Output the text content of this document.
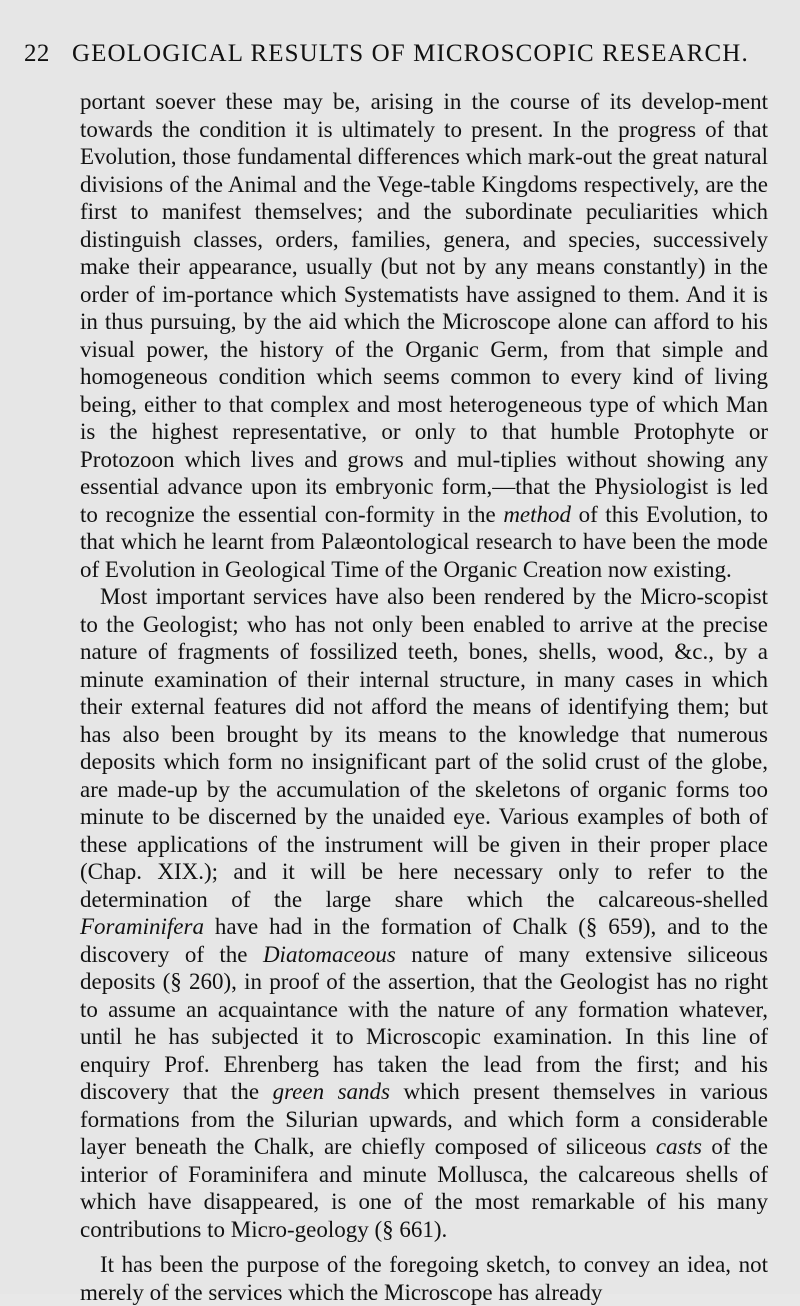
22 GEOLOGICAL RESULTS OF MICROSCOPIC RESEARCH.

portant soever these may be, arising in the course of its develop-ment towards the condition it is ultimately to present. In the progress of that Evolution, those fundamental differences which mark-out the great natural divisions of the Animal and the Vege-table Kingdoms respectively, are the first to manifest themselves; and the subordinate peculiarities which distinguish classes, orders, families, genera, and species, successively make their appearance, usually (but not by any means constantly) in the order of im-portance which Systematists have assigned to them. And it is in thus pursuing, by the aid which the Microscope alone can afford to his visual power, the history of the Organic Germ, from that simple and homogeneous condition which seems common to every kind of living being, either to that complex and most heterogeneous type of which Man is the highest representative, or only to that humble Protophyte or Protozoon which lives and grows and mul-tiplies without showing any essential advance upon its embryonic form,—that the Physiologist is led to recognize the essential con-formity in the method of this Evolution, to that which he learnt from Palæontological research to have been the mode of Evolution in Geological Time of the Organic Creation now existing.

Most important services have also been rendered by the Micro-scopist to the Geologist; who has not only been enabled to arrive at the precise nature of fragments of fossilized teeth, bones, shells, wood, &c., by a minute examination of their internal structure, in many cases in which their external features did not afford the means of identifying them; but has also been brought by its means to the knowledge that numerous deposits which form no insignificant part of the solid crust of the globe, are made-up by the accumulation of the skeletons of organic forms too minute to be discerned by the unaided eye. Various examples of both of these applications of the instrument will be given in their proper place (Chap. XIX.); and it will be here necessary only to refer to the determination of the large share which the calcareous-shelled Foraminifera have had in the formation of Chalk (§ 659), and to the discovery of the Diatomaceous nature of many extensive siliceous deposits (§ 260), in proof of the assertion, that the Geologist has no right to assume an acquaintance with the nature of any formation whatever, until he has subjected it to Microscopic examination. In this line of enquiry Prof. Ehrenberg has taken the lead from the first; and his discovery that the green sands which present themselves in various formations from the Silurian upwards, and which form a considerable layer beneath the Chalk, are chiefly composed of siliceous casts of the interior of Foraminifera and minute Mollusca, the calcareous shells of which have disappeared, is one of the most remarkable of his many contributions to Micro-geology (§ 661).

It has been the purpose of the foregoing sketch, to convey an idea, not merely of the services which the Microscope has already
